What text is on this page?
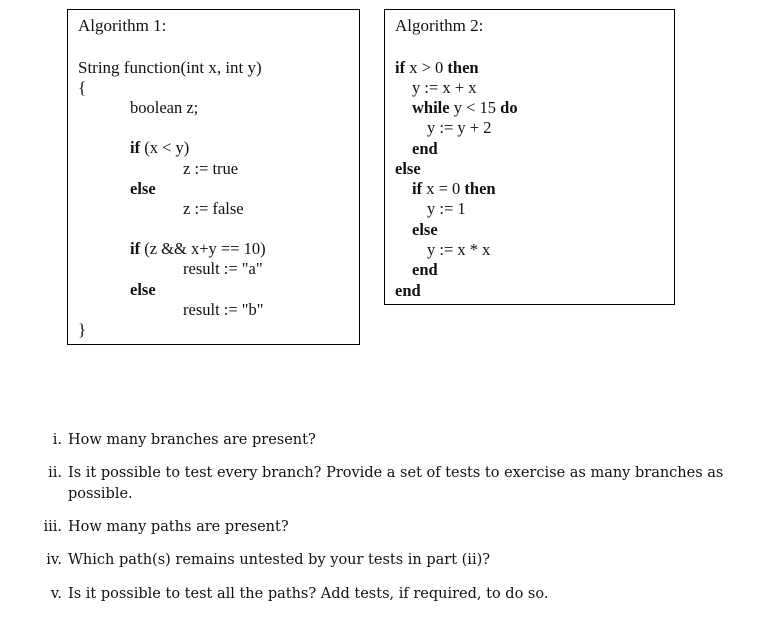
Algorithm 1:
String function(int x, int y)
{
boolean z;
if (x < y)
z := true
else
z := false
if (z && x+y == 10)
result := "a"
else
result := "b"
}
Algorithm 2:
if x > 0 then
y := x + x
while y < 15 do
y := y + 2
end
else
if x = 0 then
y := 1
else
y := x * x
end
end
i. How many branches are present?
ii. Is it possible to test every branch? Provide a set of tests to exercise as many branches as
possible.
iii. How many paths are present?
iv. Which path(s) remains untested by your tests in part (ii)?
v. Is it possible to test all the paths? Add tests, if required, to do so.
